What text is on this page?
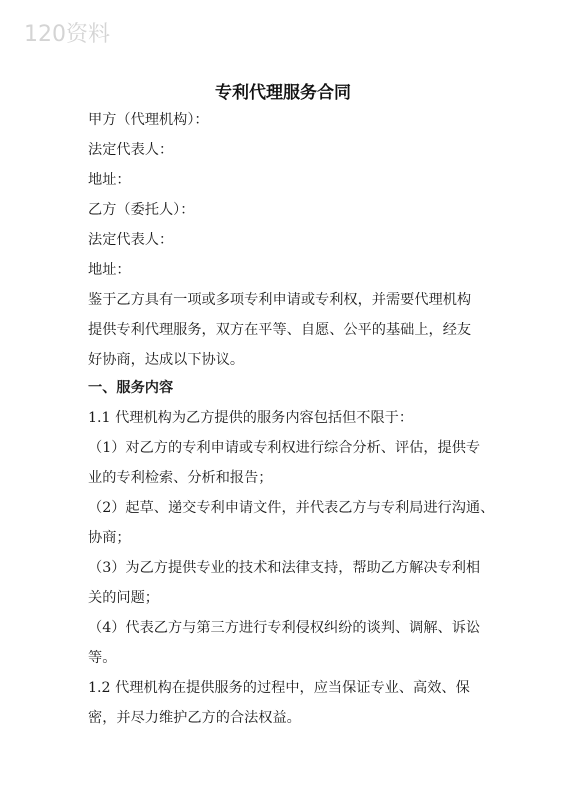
120资料
专利代理服务合同
甲方（代理机构）：
法定代表人：
地址：
乙方（委托人）：
法定代表人：
地址：
鉴于乙方具有一项或多项专利申请或专利权，并需要代理机构
提供专利代理服务，双方在平等、自愿、公平的基础上，经友
好协商，达成以下协议。
一、服务内容
1.1 代理机构为乙方提供的服务内容包括但不限于：
（1）对乙方的专利申请或专利权进行综合分析、评估，提供专
业的专利检索、分析和报告；
（2）起草、递交专利申请文件，并代表乙方与专利局进行沟通、
协商；
（3）为乙方提供专业的技术和法律支持，帮助乙方解决专利相
关的问题；
（4）代表乙方与第三方进行专利侵权纠纷的谈判、调解、诉讼
等。
1.2 代理机构在提供服务的过程中，应当保证专业、高效、保
密，并尽力维护乙方的合法权益。
